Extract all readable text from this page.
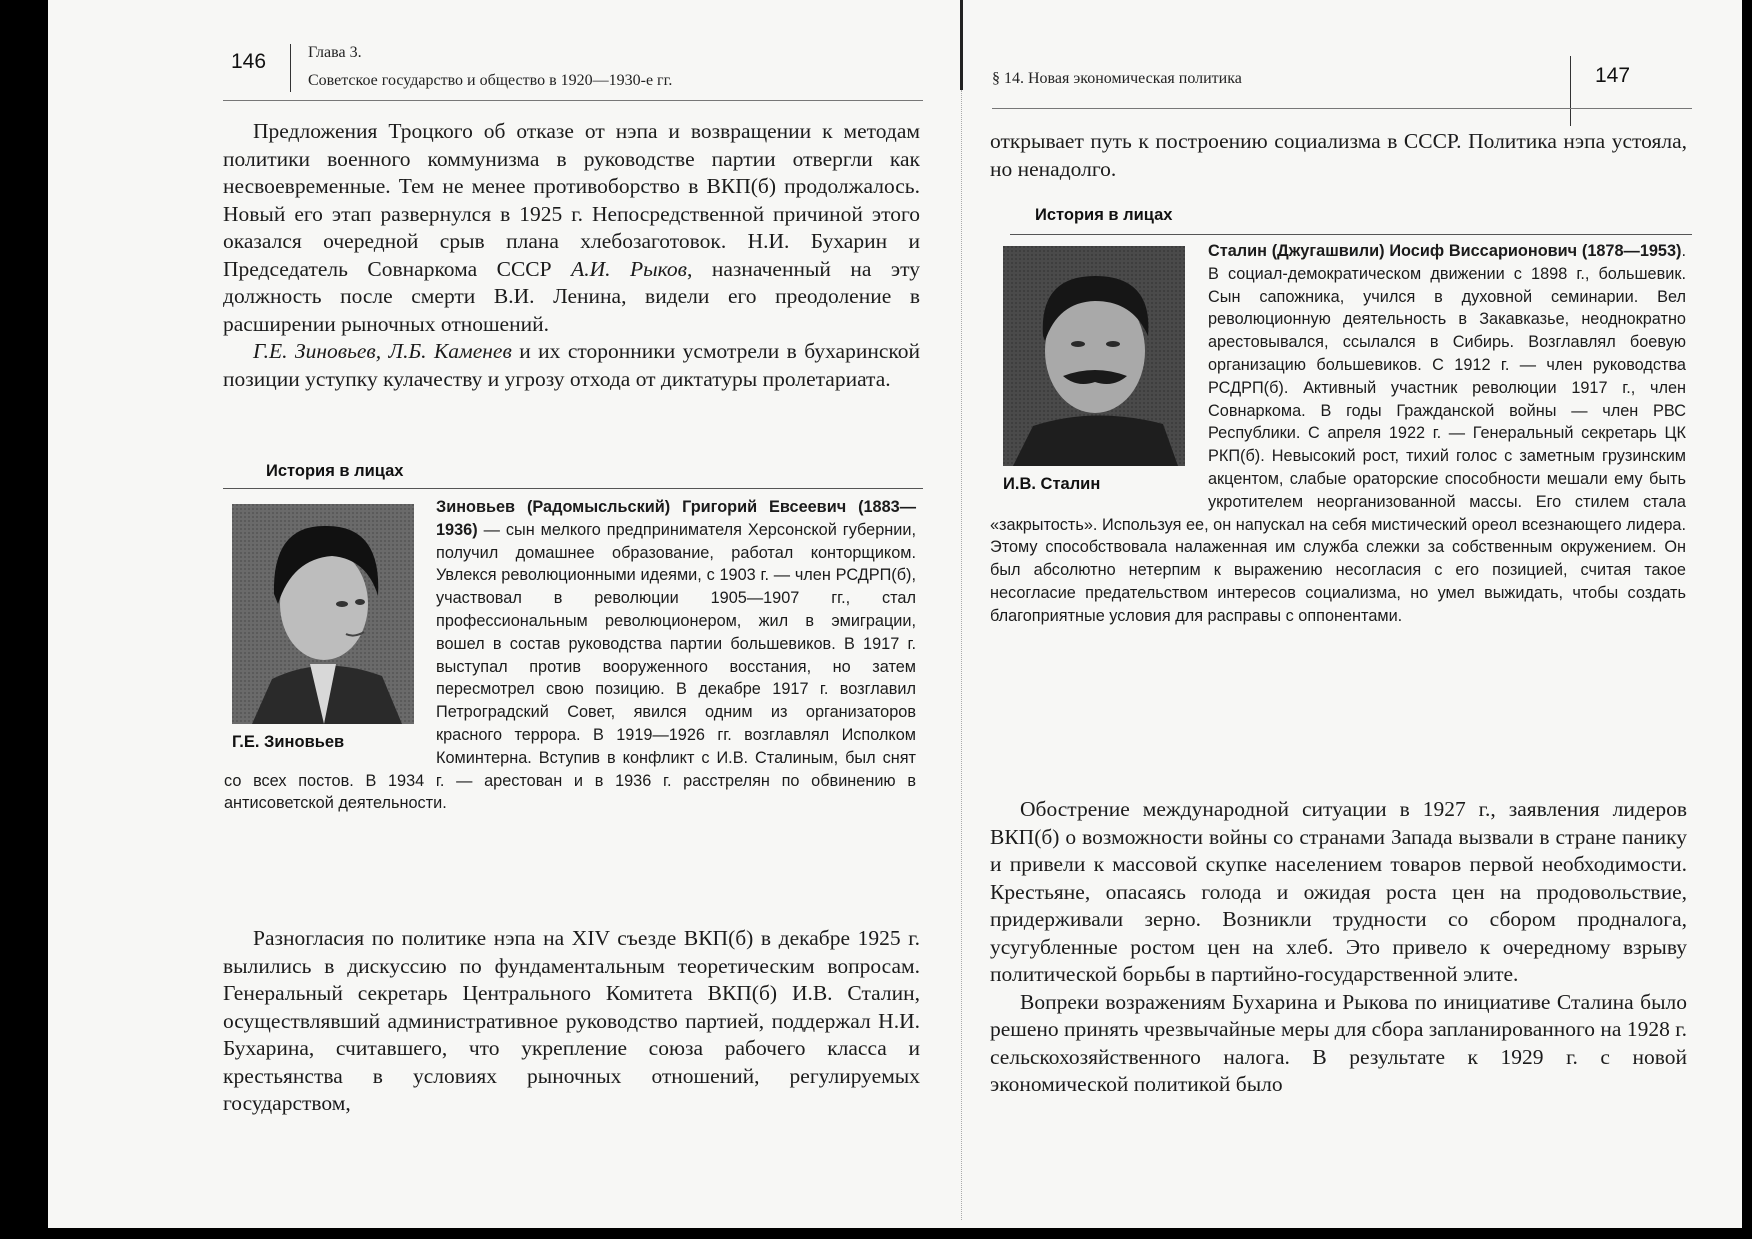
146	Глава 3.
Советское государство и общество в 1920—1930-е гг.

Предложения Троцкого об отказе от нэпа и возвращении к методам политики военного коммунизма в руководстве партии отвергли как несвоевременные. Тем не менее противоборство в ВКП(б) продолжалось. Новый его этап развернулся в 1925 г. Непосредственной причиной этого оказался очередной срыв плана хлебозаготовок. Н.И. Бухарин и Председатель Совнаркома СССР А.И. Рыков, назначенный на эту должность после смерти В.И. Ленина, видели его преодоление в расширении рыночных отношений.

Г.Е. Зиновьев, Л.Б. Каменев и их сторонники усмотрели в бухаринской позиции уступку кулачеству и угрозу отхода от диктатуры пролетариата.

История в лицах
Г.Е. Зиновьев
Зиновьев (Радомысльский) Григорий Евсеевич (1883—1936) — сын мелкого предпринимателя Херсонской губернии, получил домашнее образование, работал конторщиком. Увлекся революционными идеями, с 1903 г. — член РСДРП(б), участвовал в революции 1905—1907 гг., стал профессиональным революционером, жил в эмиграции, вошел в состав руководства партии большевиков. В 1917 г. выступал против вооруженного восстания, но затем пересмотрел свою позицию. В декабре 1917 г. возглавил Петроградский Совет, явился одним из организаторов красного террора. В 1919—1926 гг. возглавлял Исполком Коминтерна. Вступив в конфликт с И.В. Сталиным, был снят со всех постов. В 1934 г. — арестован и в 1936 г. расстрелян по обвинению в антисоветской деятельности.

Разногласия по политике нэпа на XIV съезде ВКП(б) в декабре 1925 г. вылились в дискуссию по фундаментальным теоретическим вопросам. Генеральный секретарь Центрального Комитета ВКП(б) И.В. Сталин, осуществлявший административное руководство партией, поддержал Н.И. Бухарина, считавшего, что укрепление союза рабочего класса и крестьянства в условиях рыночных отношений, регулируемых государством,

§ 14. Новая экономическая политика	147

открывает путь к построению социализма в СССР. Политика нэпа устояла, но ненадолго.

История в лицах
И.В. Сталин
Сталин (Джугашвили) Иосиф Виссарионович (1878—1953). В социал-демократическом движении с 1898 г., большевик. Сын сапожника, учился в духовной семинарии. Вел революционную деятельность в Закавказье, неоднократно арестовывался, ссылался в Сибирь. Возглавлял боевую организацию большевиков. С 1912 г. — член руководства РСДРП(б). Активный участник революции 1917 г., член Совнаркома. В годы Гражданской войны — член РВС Республики. С апреля 1922 г. — Генеральный секретарь ЦК РКП(б). Невысокий рост, тихий голос с заметным грузинским акцентом, слабые ораторские способности мешали ему быть укротителем неорганизованной массы. Его стилем стала «закрытость». Используя ее, он напускал на себя мистический ореол всезнающего лидера. Этому способствовала налаженная им служба слежки за собственным окружением. Он был абсолютно нетерпим к выражению несогласия с его позицией, считая такое несогласие предательством интересов социализма, но умел выжидать, чтобы создать благоприятные условия для расправы с оппонентами.

Обострение международной ситуации в 1927 г., заявления лидеров ВКП(б) о возможности войны со странами Запада вызвали в стране панику и привели к массовой скупке населением товаров первой необходимости. Крестьяне, опасаясь голода и ожидая роста цен на продовольствие, придерживали зерно. Возникли трудности со сбором продналога, усугубленные ростом цен на хлеб. Это привело к очередному взрыву политической борьбы в партийно-государственной элите.

Вопреки возражениям Бухарина и Рыкова по инициативе Сталина было решено принять чрезвычайные меры для сбора запланированного на 1928 г. сельскохозяйственного налога. В результате к 1929 г. с новой экономической политикой было
